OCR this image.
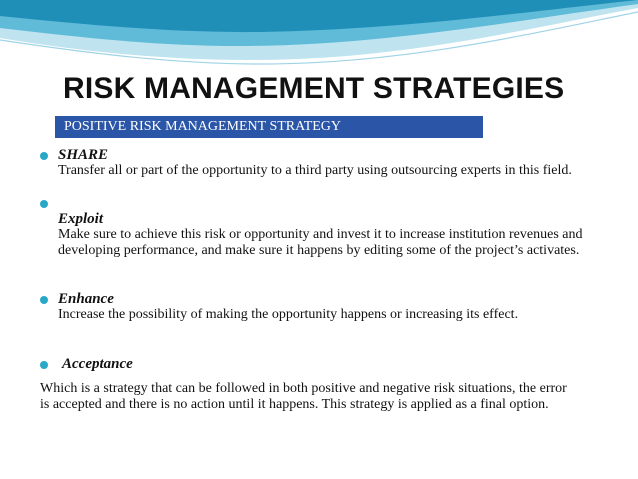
RISK MANAGEMENT STRATEGIES
POSITIVE RISK MANAGEMENT STRATEGY
SHARE
Transfer all or part of the opportunity to a third party using outsourcing experts in this field.
Exploit
Make sure to achieve this risk or opportunity and invest it to increase institution revenues and developing performance, and make sure it happens by editing some of the project’s activates.
Enhance
Increase the possibility of making the opportunity happens or increasing its effect.
Acceptance
Which is a strategy that can be followed in both positive and negative risk situations, the error is accepted and there is no action until it happens. This strategy is applied as a final option.
